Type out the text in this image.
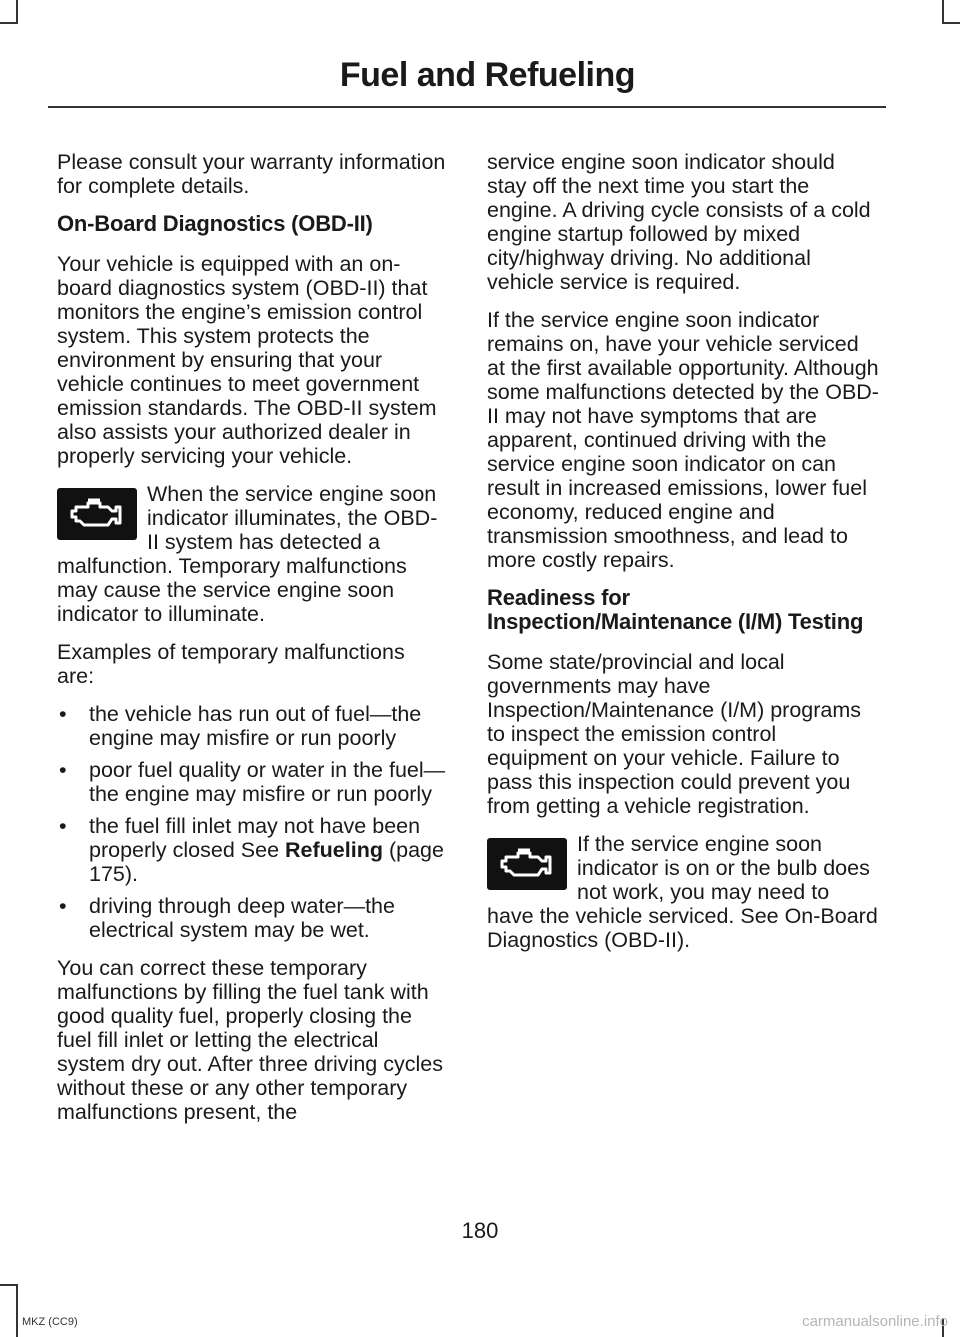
Fuel and Refueling

Please consult your warranty information for complete details.

On-Board Diagnostics (OBD-II)

Your vehicle is equipped with an on-board diagnostics system (OBD-II) that monitors the engine’s emission control system. This system protects the environment by ensuring that your vehicle continues to meet government emission standards. The OBD-II system also assists your authorized dealer in properly servicing your vehicle.

When the service engine soon indicator illuminates, the OBD-II system has detected a malfunction. Temporary malfunctions may cause the service engine soon indicator to illuminate.

Examples of temporary malfunctions are:

• the vehicle has run out of fuel—the engine may misfire or run poorly
• poor fuel quality or water in the fuel—the engine may misfire or run poorly
• the fuel fill inlet may not have been properly closed See Refueling (page 175).
• driving through deep water—the electrical system may be wet.

You can correct these temporary malfunctions by filling the fuel tank with good quality fuel, properly closing the fuel fill inlet or letting the electrical system dry out. After three driving cycles without these or any other temporary malfunctions present, the

service engine soon indicator should stay off the next time you start the engine. A driving cycle consists of a cold engine startup followed by mixed city/highway driving. No additional vehicle service is required.

If the service engine soon indicator remains on, have your vehicle serviced at the first available opportunity. Although some malfunctions detected by the OBD-II may not have symptoms that are apparent, continued driving with the service engine soon indicator on can result in increased emissions, lower fuel economy, reduced engine and transmission smoothness, and lead to more costly repairs.

Readiness for Inspection/Maintenance (I/M) Testing

Some state/provincial and local governments may have Inspection/Maintenance (I/M) programs to inspect the emission control equipment on your vehicle. Failure to pass this inspection could prevent you from getting a vehicle registration.

If the service engine soon indicator is on or the bulb does not work, you may need to have the vehicle serviced. See On-Board Diagnostics (OBD-II).

180
MKZ (CC9)	carmanualsonline.info
